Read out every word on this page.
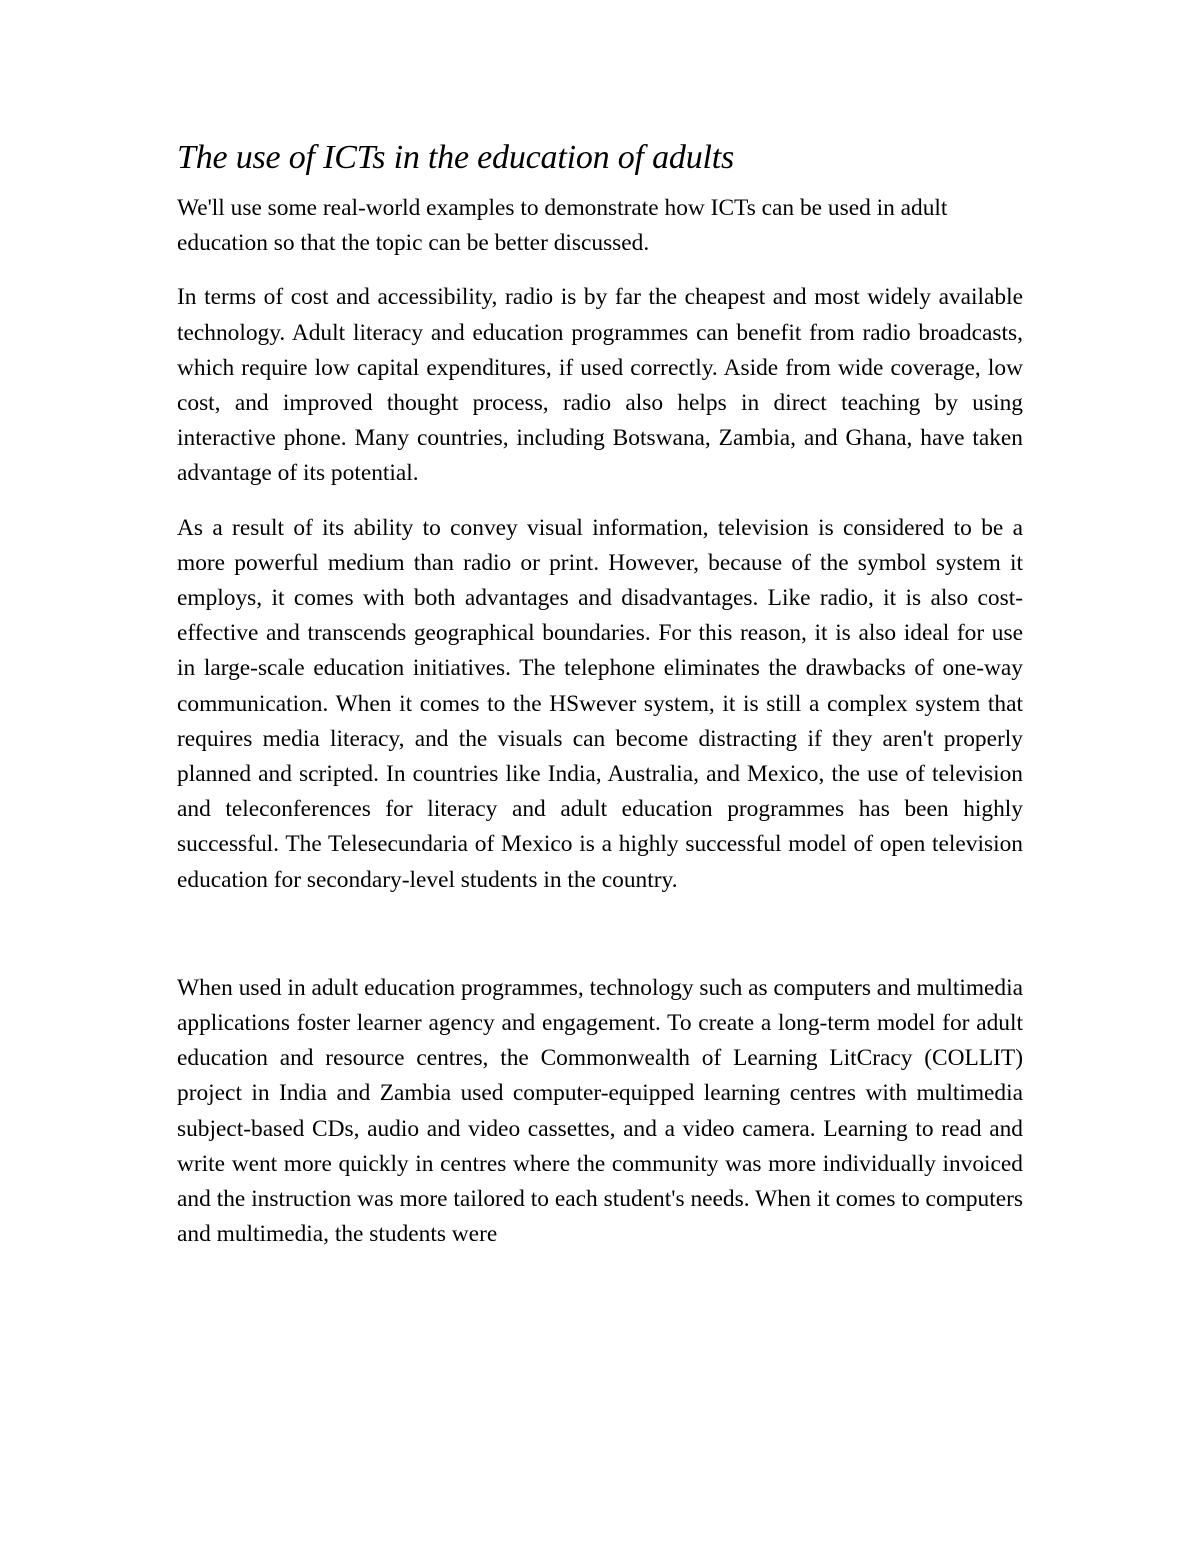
The use of ICTs in the education of adults

We'll use some real-world examples to demonstrate how ICTs can be used in adult education so that the topic can be better discussed.

In terms of cost and accessibility, radio is by far the cheapest and most widely available technology. Adult literacy and education programmes can benefit from radio broadcasts, which require low capital expenditures, if used correctly. Aside from wide coverage, low cost, and improved thought process, radio also helps in direct teaching by using interactive phone. Many countries, including Botswana, Zambia, and Ghana, have taken advantage of its potential.

As a result of its ability to convey visual information, television is considered to be a more powerful medium than radio or print. However, because of the symbol system it employs, it comes with both advantages and disadvantages. Like radio, it is also cost-effective and transcends geographical boundaries. For this reason, it is also ideal for use in large-scale education initiatives. The telephone eliminates the drawbacks of one-way communication. When it comes to the HSwever system, it is still a complex system that requires media literacy, and the visuals can become distracting if they aren't properly planned and scripted. In countries like India, Australia, and Mexico, the use of television and teleconferences for literacy and adult education programmes has been highly successful. The Telesecundaria of Mexico is a highly successful model of open television education for secondary-level students in the country.

When used in adult education programmes, technology such as computers and multimedia applications foster learner agency and engagement. To create a long-term model for adult education and resource centres, the Commonwealth of Learning LitCracy (COLLIT) project in India and Zambia used computer-equipped learning centres with multimedia subject-based CDs, audio and video cassettes, and a video camera. Learning to read and write went more quickly in centres where the community was more individually invoiced and the instruction was more tailored to each student's needs. When it comes to computers and multimedia, the students were
